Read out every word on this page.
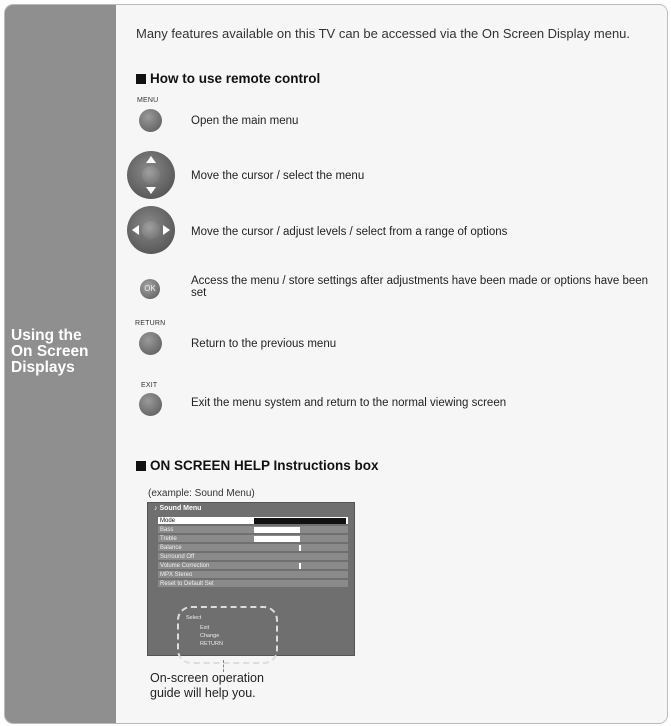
Using the
On Screen
Displays
Many features available on this TV can be accessed via the On Screen Display menu.
How to use remote control
MENU
Open the main menu
Move the cursor / select the menu
Move the cursor / adjust levels / select from a range of options
OK
Access the menu / store settings after adjustments have been made or options have been set
RETURN
Return to the previous menu
EXIT
Exit the menu system and return to the normal viewing screen
ON SCREEN HELP Instructions box
(example: Sound Menu)
♪ Sound Menu
Mode
Bass
Treble
Balance
Surround Off
Volume Correction
MPX Stereo
Reset to Default Set
Select
Exit
Change
RETURN
On-screen operation
guide will help you.
